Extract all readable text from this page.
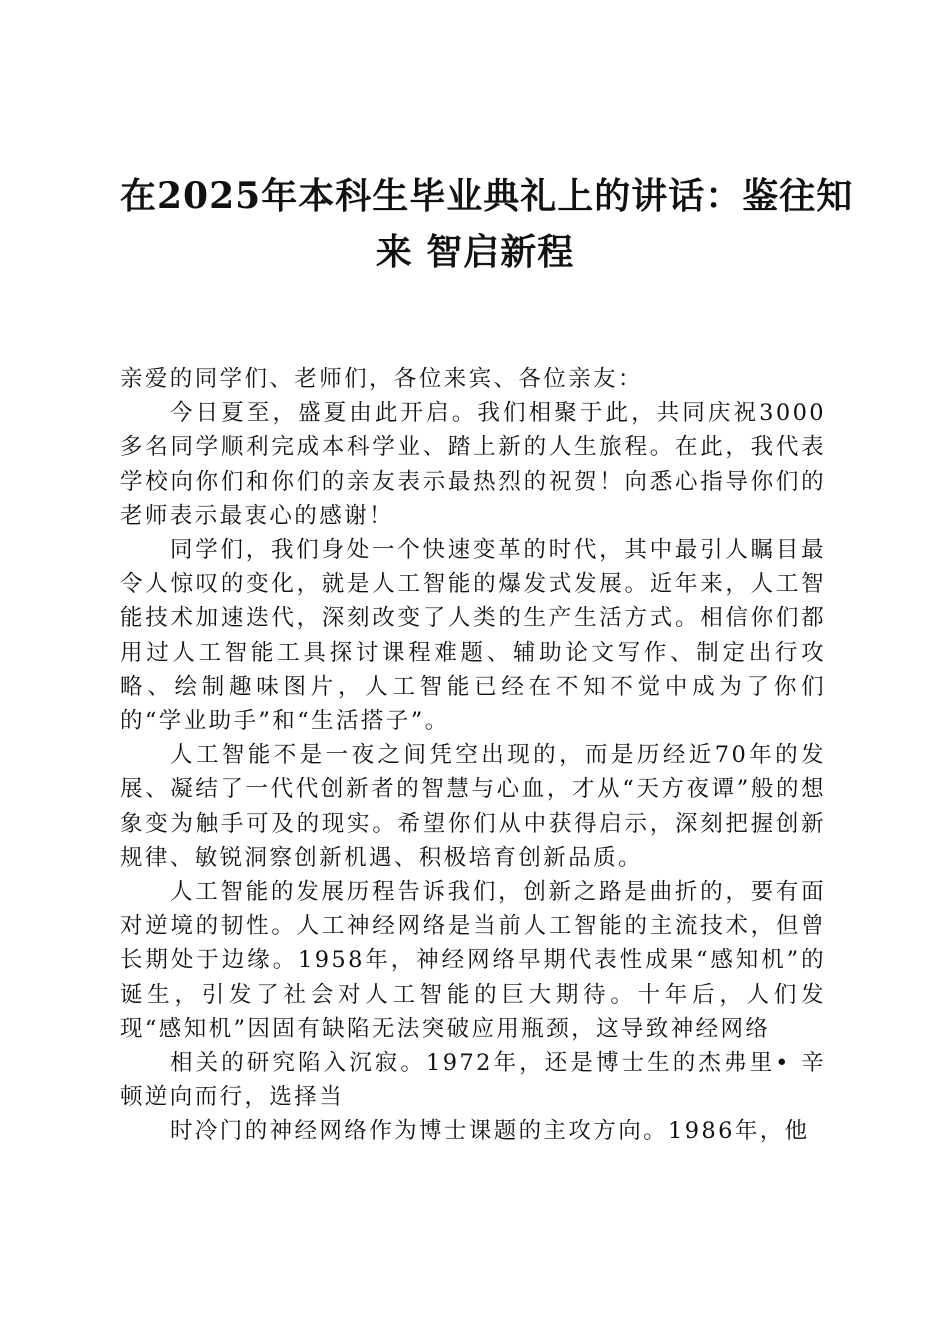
在2025年本科生毕业典礼上的讲话：鉴往知
来 智启新程

亲爱的同学们、老师们，各位来宾、各位亲友：

今日夏至，盛夏由此开启。我们相聚于此，共同庆祝3000多名同学顺利完成本科学业、踏上新的人生旅程。在此，我代表学校向你们和你们的亲友表示最热烈的祝贺！向悉心指导你们的老师表示最衷心的感谢！

同学们，我们身处一个快速变革的时代，其中最引人瞩目最令人惊叹的变化，就是人工智能的爆发式发展。近年来，人工智能技术加速迭代，深刻改变了人类的生产生活方式。相信你们都用过人工智能工具探讨课程难题、辅助论文写作、制定出行攻略、绘制趣味图片，人工智能已经在不知不觉中成为了你们的“学业助手”和“生活搭子”。

人工智能不是一夜之间凭空出现的，而是历经近70年的发展、凝结了一代代创新者的智慧与心血，才从“天方夜谭”般的想象变为触手可及的现实。希望你们从中获得启示，深刻把握创新规律、敏锐洞察创新机遇、积极培育创新品质。

人工智能的发展历程告诉我们，创新之路是曲折的，要有面对逆境的韧性。人工神经网络是当前人工智能的主流技术，但曾长期处于边缘。1958年，神经网络早期代表性成果“感知机”的诞生，引发了社会对人工智能的巨大期待。十年后，人们发现“感知机”因固有缺陷无法突破应用瓶颈，这导致神经网络

相关的研究陷入沉寂。1972年，还是博士生的杰弗里• 辛顿逆向而行，选择当

时冷门的神经网络作为博士课题的主攻方向。1986年，他
